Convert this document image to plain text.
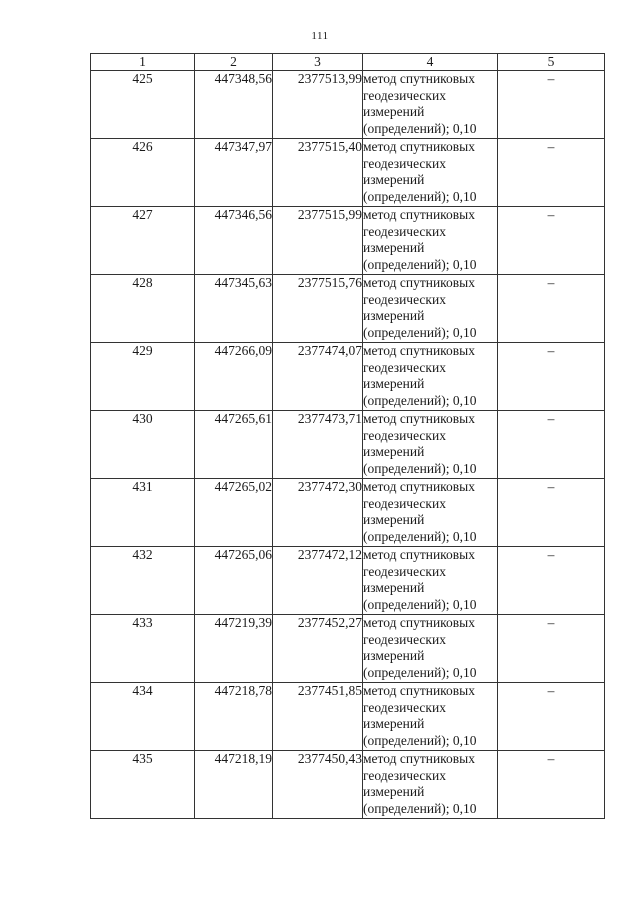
111
1	2	3	4	5
425	447348,56	2377513,99	метод спутниковых
геодезических
измерений
(определений); 0,10	–
426	447347,97	2377515,40	метод спутниковых
геодезических
измерений
(определений); 0,10	–
427	447346,56	2377515,99	метод спутниковых
геодезических
измерений
(определений); 0,10	–
428	447345,63	2377515,76	метод спутниковых
геодезических
измерений
(определений); 0,10	–
429	447266,09	2377474,07	метод спутниковых
геодезических
измерений
(определений); 0,10	–
430	447265,61	2377473,71	метод спутниковых
геодезических
измерений
(определений); 0,10	–
431	447265,02	2377472,30	метод спутниковых
геодезических
измерений
(определений); 0,10	–
432	447265,06	2377472,12	метод спутниковых
геодезических
измерений
(определений); 0,10	–
433	447219,39	2377452,27	метод спутниковых
геодезических
измерений
(определений); 0,10	–
434	447218,78	2377451,85	метод спутниковых
геодезических
измерений
(определений); 0,10	–
435	447218,19	2377450,43	метод спутниковых
геодезических
измерений
(определений); 0,10	–
